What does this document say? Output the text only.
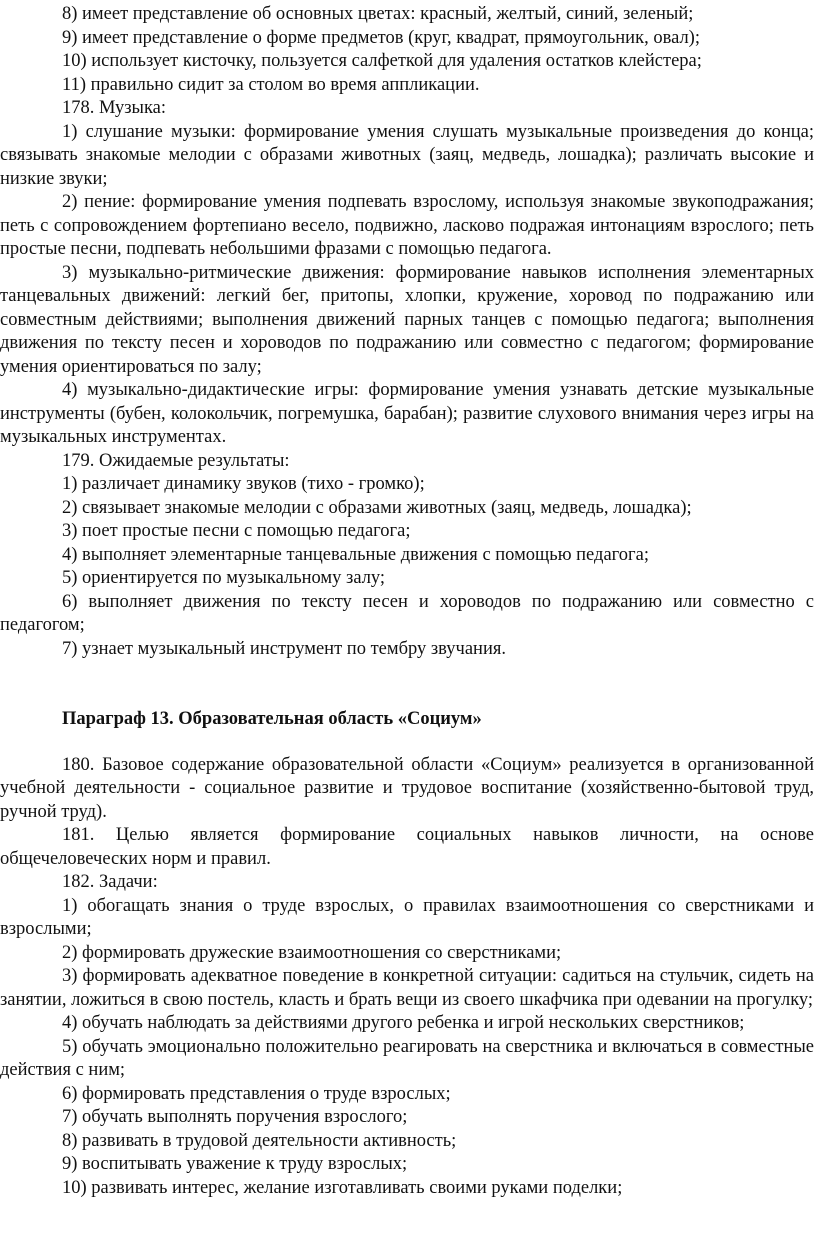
8) имеет представление об основных цветах: красный, желтый, синий, зеленый;

9) имеет представление о форме предметов (круг, квадрат, прямоугольник, овал);

10) использует кисточку, пользуется салфеткой для удаления остатков клейстера;

11) правильно сидит за столом во время аппликации.

178. Музыка:

1) слушание музыки: формирование умения слушать музыкальные произведения до конца; связывать знакомые мелодии с образами животных (заяц, медведь, лошадка); различать высокие и низкие звуки;

2) пение: формирование умения подпевать взрослому, используя знакомые звукоподражания; петь с сопровождением фортепиано весело, подвижно, ласково подражая интонациям взрослого; петь простые песни, подпевать небольшими фразами с помощью педагога.

3) музыкально-ритмические движения: формирование навыков исполнения элементарных танцевальных движений: легкий бег, притопы, хлопки, кружение, хоровод по подражанию или совместным действиями; выполнения движений парных танцев с помощью педагога; выполнения движения по тексту песен и хороводов по подражанию или совместно с педагогом; формирование умения ориентироваться по залу;

4) музыкально-дидактические игры: формирование умения узнавать детские музыкальные инструменты (бубен, колокольчик, погремушка, барабан); развитие слухового внимания через игры на музыкальных инструментах.

179. Ожидаемые результаты:

1) различает динамику звуков (тихо - громко);

2) связывает знакомые мелодии с образами животных (заяц, медведь, лошадка);

3) поет простые песни с помощью педагога;

4) выполняет элементарные танцевальные движения с помощью педагога;

5) ориентируется по музыкальному залу;

6) выполняет движения по тексту песен и хороводов по подражанию или совместно с педагогом;

7) узнает музыкальный инструмент по тембру звучания.

Параграф 13. Образовательная область «Социум»

180. Базовое содержание образовательной области «Социум» реализуется в организованной учебной деятельности - социальное развитие и трудовое воспитание (хозяйственно-бытовой труд, ручной труд).

181. Целью является формирование социальных навыков личности, на основе общечеловеческих норм и правил.

182. Задачи:

1) обогащать знания о труде взрослых, о правилах взаимоотношения со сверстниками и взрослыми;

2) формировать дружеские взаимоотношения со сверстниками;

3) формировать адекватное поведение в конкретной ситуации: садиться на стульчик, сидеть на занятии, ложиться в свою постель, класть и брать вещи из своего шкафчика при одевании на прогулку;

4) обучать наблюдать за действиями другого ребенка и игрой нескольких сверстников;

5) обучать эмоционально положительно реагировать на сверстника и включаться в совместные действия с ним;

6) формировать представления о труде взрослых;

7) обучать выполнять поручения взрослого;

8) развивать в трудовой деятельности активность;

9) воспитывать уважение к труду взрослых;

10) развивать интерес, желание изготавливать своими руками поделки;
